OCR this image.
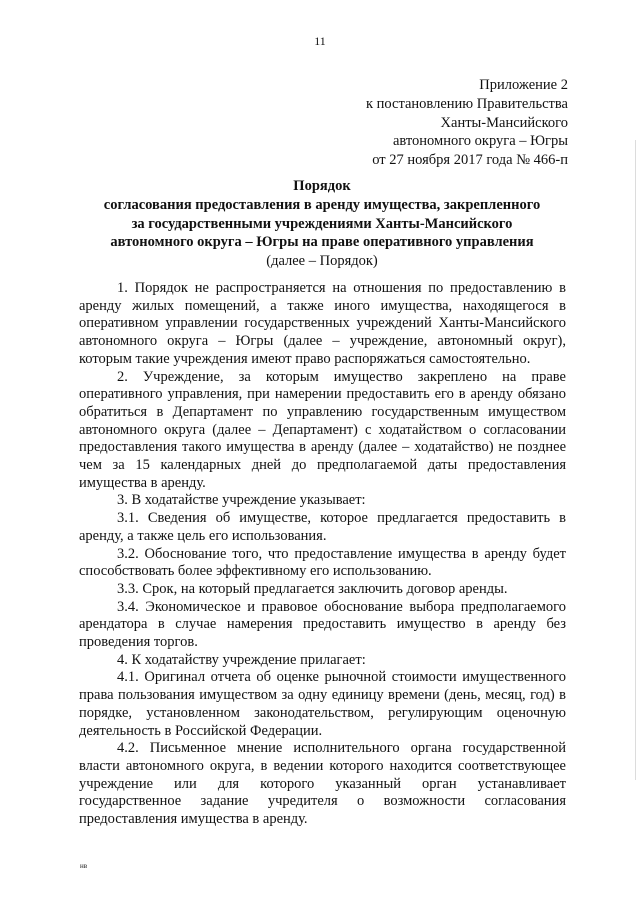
11
Приложение 2
к постановлению Правительства
Ханты-Мансийского
автономного округа – Югры
от 27 ноября 2017 года № 466-п
Порядок
согласования предоставления в аренду имущества, закрепленного
за государственными учреждениями Ханты-Мансийского
автономного округа – Югры на праве оперативного управления
(далее – Порядок)

1. Порядок не распространяется на отношения по предоставлению в аренду жилых помещений, а также иного имущества, находящегося в оперативном управлении государственных учреждений Ханты-Мансийского автономного округа – Югры (далее – учреждение, автономный округ), которым такие учреждения имеют право распоряжаться самостоятельно.

2. Учреждение, за которым имущество закреплено на праве оперативного управления, при намерении предоставить его в аренду обязано обратиться в Департамент по управлению государственным имуществом автономного округа (далее – Департамент) с ходатайством о согласовании предоставления такого имущества в аренду (далее – ходатайство) не позднее чем за 15 календарных дней до предполагаемой даты предоставления имущества в аренду.

3. В ходатайстве учреждение указывает:

3.1. Сведения об имуществе, которое предлагается предоставить в аренду, а также цель его использования.

3.2. Обоснование того, что предоставление имущества в аренду будет способствовать более эффективному его использованию.

3.3. Срок, на который предлагается заключить договор аренды.

3.4. Экономическое и правовое обоснование выбора предполагаемого арендатора в случае намерения предоставить имущество в аренду без проведения торгов.

4. К ходатайству учреждение прилагает:

4.1. Оригинал отчета об оценке рыночной стоимости имущественного права пользования имуществом за одну единицу времени (день, месяц, год) в порядке, установленном законодательством, регулирующим оценочную деятельность в Российской Федерации.

4.2. Письменное мнение исполнительного органа государственной власти автономного округа, в ведении которого находится соответствующее учреждение или для которого указанный орган устанавливает государственное задание учредителя о возможности согласования предоставления имущества в аренду.

нв
